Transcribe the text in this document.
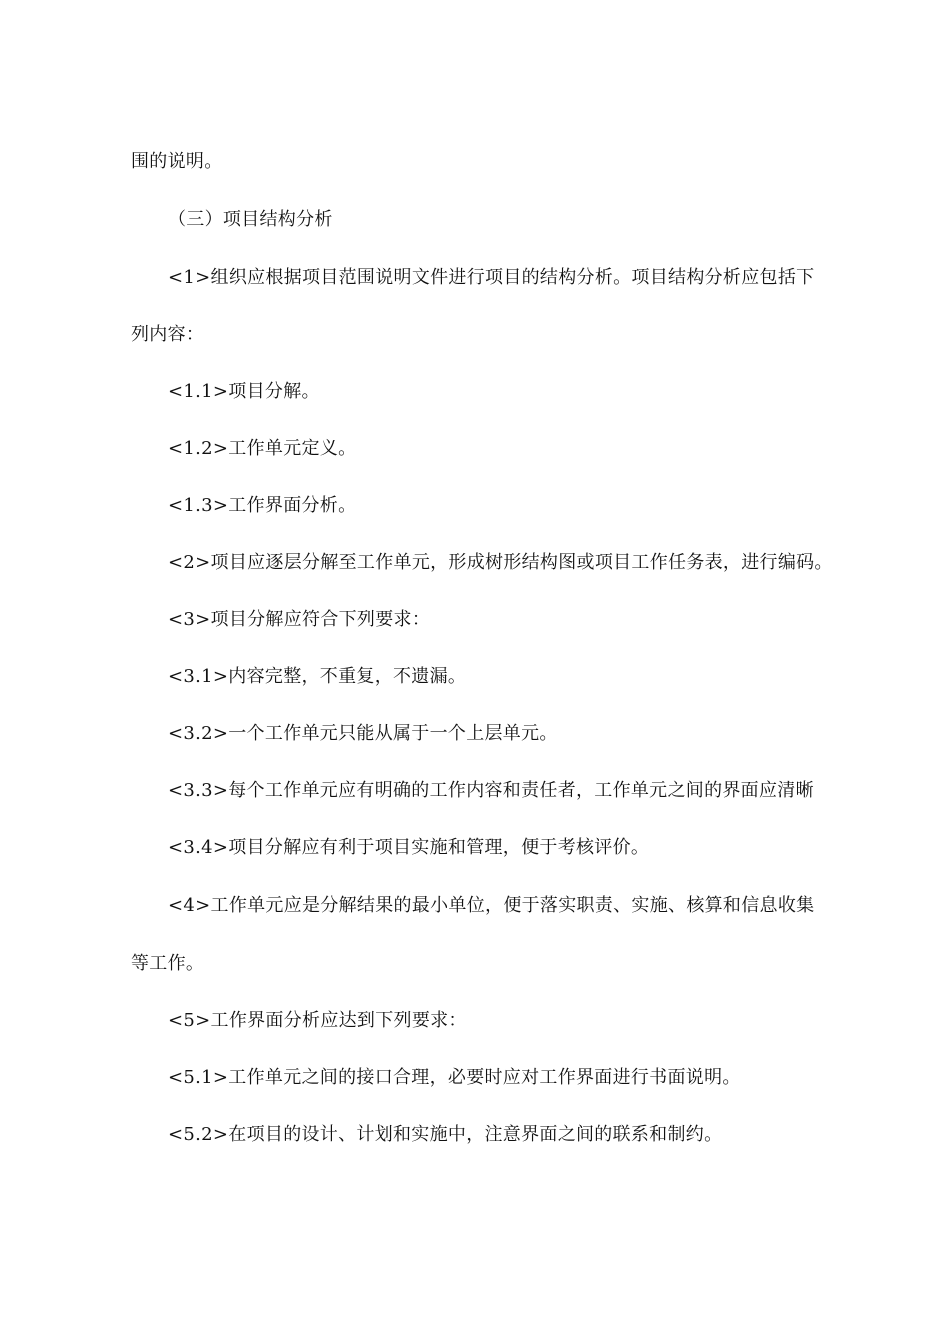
围的说明。
（三）项目结构分析
<1>组织应根据项目范围说明文件进行项目的结构分析。项目结构分析应包括下
列内容：
<1.1>项目分解。
<1.2>工作单元定义。
<1.3>工作界面分析。
<2>项目应逐层分解至工作单元，形成树形结构图或项目工作任务表，进行编码。
<3>项目分解应符合下列要求：
<3.1>内容完整，不重复，不遗漏。
<3.2>一个工作单元只能从属于一个上层单元。
<3.3>每个工作单元应有明确的工作内容和责任者，工作单元之间的界面应清晰
<3.4>项目分解应有利于项目实施和管理，便于考核评价。
<4>工作单元应是分解结果的最小单位，便于落实职责、实施、核算和信息收集
等工作。
<5>工作界面分析应达到下列要求：
<5.1>工作单元之间的接口合理，必要时应对工作界面进行书面说明。
<5.2>在项目的设计、计划和实施中，注意界面之间的联系和制约。
